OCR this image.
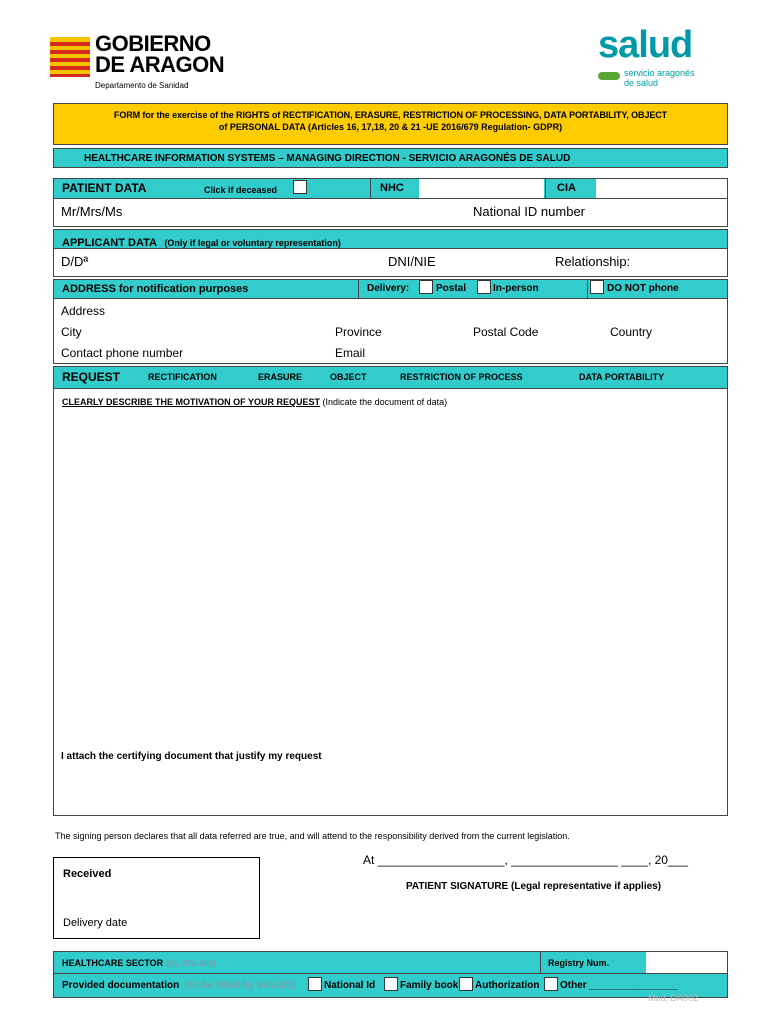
GOBIERNO
DE ARAGON
Departamento de Sanidad
salud
servicio aragonés
de salud
FORM for the exercise of the RIGHTS of RECTIFICATION, ERASURE, RESTRICTION OF PROCESSING, DATA PORTABILITY, OBJECT
of PERSONAL DATA (Articles 16, 17,18, 20 & 21 -UE 2016/679 Regulation- GDPR)
HEALTHCARE INFORMATION SYSTEMS – MANAGING DIRECTION - SERVICIO ARAGONÉS DE SALUD
PATIENT DATA	Click if deceased	NHC	CIA
Mr/Mrs/Ms	National ID number
APPLICANT DATA (Only if legal or voluntary representation)
D/Dª	DNI/NIE	Relationship:
ADDRESS for notification purposes	Delivery:	Postal	In-person	DO NOT phone
Address
City	Province	Postal Code	Country
Contact phone number	Email
REQUEST	RECTIFICATION	ERASURE	OBJECT	RESTRICTION OF PROCESS	DATA PORTABILITY
CLEARLY DESCRIBE THE MOTIVATION OF YOUR REQUEST (Indicate the document of data)
I attach the certifying document that justify my request
The signing person declares that all data referred are true, and will attend to the responsibility derived from the current legislation.
Received
Delivery date
At ___________________, ________________ ____, 20___
PATIENT SIGNATURE (Legal representative if applies)
HEALTHCARE SECTOR (by SALUD)	Registry Num.
Provided documentation (to be filled by SALUD)	National Id Family book Authorization Other ________________
Mod. DA002
